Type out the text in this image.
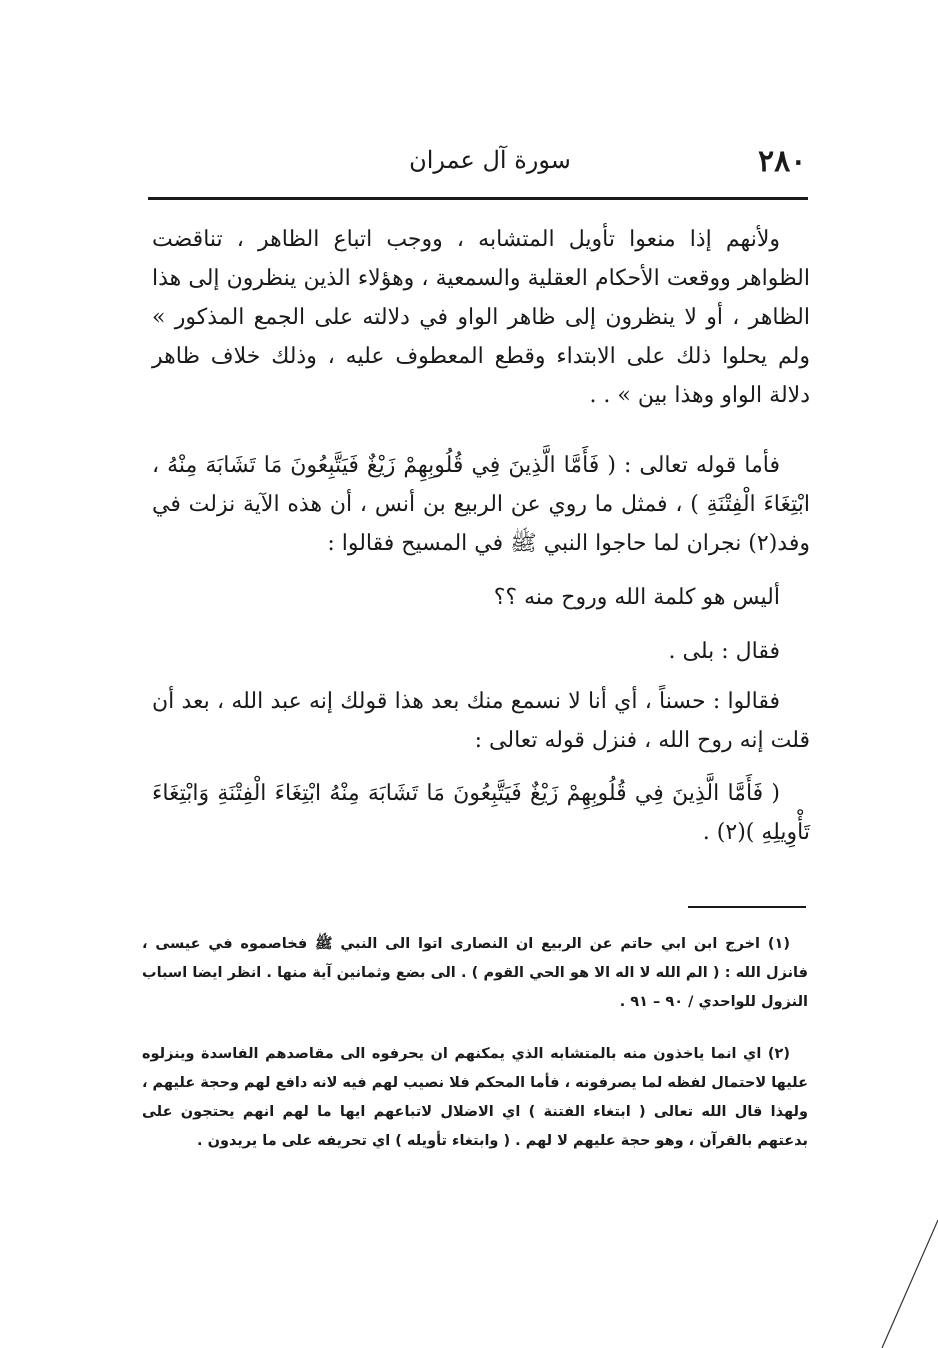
٢٨٠
سورة آل عمران
ولأنهم إذا منعوا تأويل المتشابه ، ووجب اتباع الظاهر ، تناقضت الظواهر ووقعت الأحكام العقلية والسمعية ، وهؤلاء الذين ينظرون إلى هذا الظاهر ، أو لا ينظرون إلى ظاهر الواو في دلالته على الجمع المذكور » ولم يحلوا ذلك على الابتداء وقطع المعطوف عليه ، وذلك خلاف ظاهر دلالة الواو وهذا بين » . .
فأما قوله تعالى : ( فَأَمَّا الَّذِينَ فِي قُلُوبِهِمْ زَيْغٌ فَيَتَّبِعُونَ مَا تَشَابَهَ مِنْهُ ، ابْتِغَاءَ الْفِتْنَةِ ) ، فمثل ما روي عن الربيع بن أنس ، أن هذه الآية نزلت في وفد(٢) نجران لما حاجوا النبي ﷺ في المسيح فقالوا :
أليس هو كلمة الله وروح منه ؟؟
فقال : بلى .
فقالوا : حسناً ، أي أنا لا نسمع منك بعد هذا قولك إنه عبد الله ، بعد أن قلت إنه روح الله ، فنزل قوله تعالى :
( فَأَمَّا الَّذِينَ فِي قُلُوبِهِمْ زَيْغٌ فَيَتَّبِعُونَ مَا تَشَابَهَ مِنْهُ ابْتِغَاءَ الْفِتْنَةِ وَابْتِغَاءَ تَأْوِيلِهِ )(٢) .
(١) اخرج ابن ابي حاتم عن الربيع ان النصارى اتوا الى النبي ﷺ فخاصموه في عيسى ، فانزل الله : ( الم الله لا اله الا هو الحي القوم ) . الى بضع وثمانين آية منها . انظر ايضا اسباب النزول للواحدي / ٩٠ – ٩١ .
(٢) اي انما ياخذون منه بالمتشابه الذي يمكنهم ان يحرفوه الى مقاصدهم الفاسدة وينزلوه عليها لاحتمال لفظه لما يصرفونه ، فأما المحكم فلا نصيب لهم فيه لانه دافع لهم وحجة عليهم ، ولهذا قال الله تعالى ( ابتغاء الفتنة ) اي الاضلال لاتباعهم ايها ما لهم انهم يحتجون على بدعتهم بالقرآن ، وهو حجة عليهم لا لهم . ( وابتغاء تأويله ) اي تحريفه على ما يريدون .
